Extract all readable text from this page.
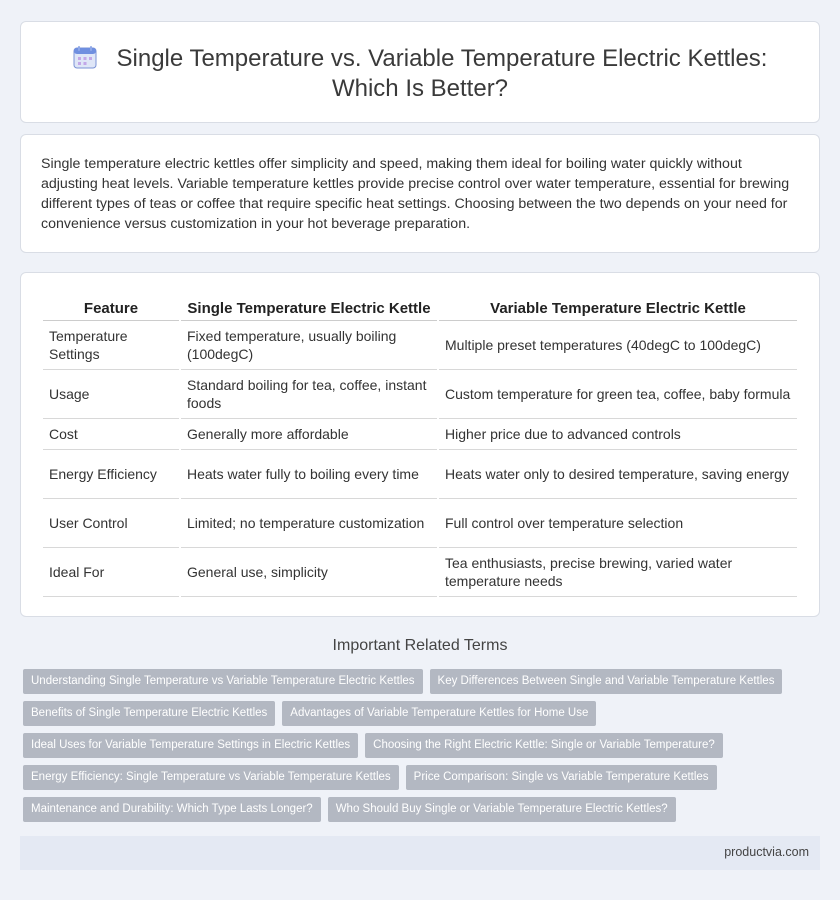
Single Temperature vs. Variable Temperature Electric Kettles:
Which Is Better?

Single temperature electric kettles offer simplicity and speed, making them ideal for boiling water quickly without adjusting heat levels. Variable temperature kettles provide precise control over water temperature, essential for brewing different types of teas or coffee that require specific heat settings. Choosing between the two depends on your need for convenience versus customization in your hot beverage preparation.

Feature	Single Temperature Electric Kettle	Variable Temperature Electric Kettle
Temperature Settings	Fixed temperature, usually boiling (100degC)	Multiple preset temperatures (40degC to 100degC)
Usage	Standard boiling for tea, coffee, instant foods	Custom temperature for green tea, coffee, baby formula
Cost	Generally more affordable	Higher price due to advanced controls
Energy Efficiency	Heats water fully to boiling every time	Heats water only to desired temperature, saving energy
User Control	Limited; no temperature customization	Full control over temperature selection
Ideal For	General use, simplicity	Tea enthusiasts, precise brewing, varied water temperature needs
Important Related Terms
Understanding Single Temperature vs Variable Temperature Electric Kettles Key Differences Between Single and Variable Temperature Kettles
Benefits of Single Temperature Electric Kettles Advantages of Variable Temperature Kettles for Home Use
Ideal Uses for Variable Temperature Settings in Electric Kettles Choosing the Right Electric Kettle: Single or Variable Temperature?
Energy Efficiency: Single Temperature vs Variable Temperature Kettles Price Comparison: Single vs Variable Temperature Kettles
Maintenance and Durability: Which Type Lasts Longer? Who Should Buy Single or Variable Temperature Electric Kettles?
productvia.com
